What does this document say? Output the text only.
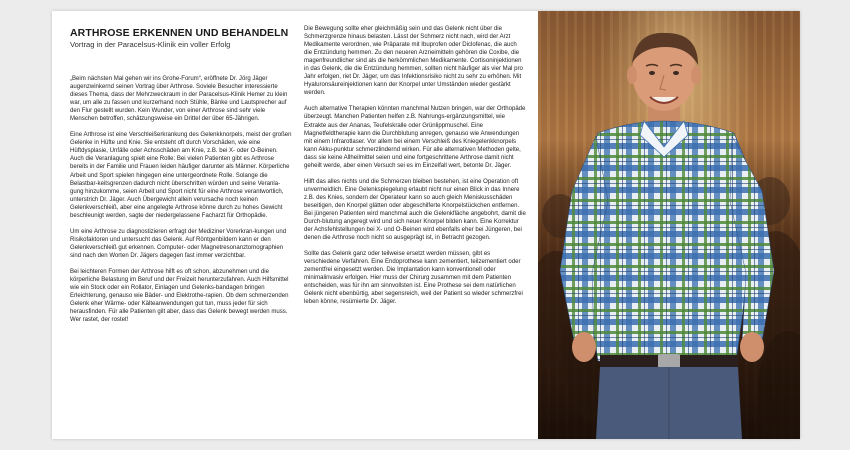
ARTHROSE ERKENNEN UND BEHANDELN
Vortrag in der Paracelsus-Klinik ein voller Erfolg

„Beim nächsten Mal gehen wir ins Grohe-Forum“, eröffnete Dr. Jörg Jäger augenzwinkernd seinen Vortrag über Arthrose. Soviele Besucher interessierte dieses Thema, dass der Mehrzweckraum in der Paracelsus-Klinik Hemer zu klein war, um alle zu fassen und kurzerhand noch Stühle, Bänke und Lautsprecher auf den Flur gestellt wurden. Kein Wunder, von einer Arthrose sind sehr viele Menschen betroffen, schätzungsweise ein Drittel der über 65-Jährigen.

Eine Arthrose ist eine Verschleißerkrankung des Gelenkknorpels, meist der großen Gelenke in Hüfte und Knie. Sie entsteht oft durch Vorschäden, wie eine Hüftdysplasie, Unfälle oder Achsschäden am Knie, z.B. bei X- oder O-Beinen. Auch die Veranlagung spielt eine Rolle: Bei vielen Patienten gibt es Arthrose bereits in der Familie und Frauen leiden häufiger darunter als Männer. Körperliche Arbeit und Sport spielen hingegen eine untergeordnete Rolle. Solange die Belastbar-keitsgrenzen dadurch nicht überschritten würden und seine Veranla-gung hinzukomme, seien Arbeit und Sport nicht für eine Arthrose verantwortlich, unterstrich Dr. Jäger. Auch Übergewicht allein verursache noch keinen Gelenkverschleiß, aber eine angelegte Arthrose könne durch zu hohes Gewicht beschleunigt werden, sagte der niedergelassene Facharzt für Orthopädie.

Um eine Arthrose zu diagnostizieren erfragt der Mediziner Vorerkran-kungen und Risikofaktoren und untersucht das Gelenk. Auf Röntgenbildern kann er den Gelenkverschleiß gut erkennen. Computer- oder Magnetresonanztomographien sind nach den Worten Dr. Jägers dagegen fast immer verzichtbar.

Bei leichteren Formen der Arthrose hilft es oft schon, abzunehmen und die körperliche Belastung im Beruf und der Freizeit herunterzufahren. Auch Hilfsmittel wie ein Stock oder ein Rollator, Einlagen und Gelenks-bandagen bringen Erleichterung, genauso wie Bäder- und Elektrothe-rapien. Ob dem schmerzenden Gelenk eher Wärme- oder Kälteanwendungen gut tun, muss jeder für sich herausfinden. Für alle Patienten gilt aber, dass das Gelenk bewegt werden muss. Wer rastet, der rostet!

Die Bewegung sollte eher gleichmäßig sein und das Gelenk nicht über die Schmerzgrenze hinaus belasten. Lässt der Schmerz nicht nach, wird der Arzt Medikamente verordnen, wie Präparate mit Ibuprofen oder Diclofenac, die auch die Entzündung hemmen. Zu den neueren Arzneimitteln gehören die Coxibe, die magenfreundlicher sind als die herkömmlichen Medikamente. Cortisoninjektionen in das Gelenk, die die Entzündung hemmen, sollten nicht häufiger als vier Mal pro Jahr erfolgen, riet Dr. Jäger, um das Infektionsrisiko nicht zu sehr zu erhöhen. Mit Hyaluronsäureinjektionen kann der Knorpel unter Umständen wieder gestärkt werden.

Auch alternative Therapien könnten manchmal Nutzen bringen, war der Orthopäde überzeugt. Manchen Patienten helfen z.B. Nahrungs-ergänzungsmittel, wie Extrakte aus der Ananas, Teufelskralle oder Grünlippmuschel. Eine Magnetfeldtherapie kann die Durchblutung anregen, genauso wie Anwendungen mit einem Infrarotlaser. Vor allem bei einem Verschleiß des Kniegelenkknorpels kann Akku-punktur schmerzlindernd wirken. Für alle alternativen Methoden gelte, dass sie keine Allheilmittel seien und eine fortgeschrittene Arthrose damit nicht geheilt werde, aber einen Versuch sei es im Einzelfall wert, betonte Dr. Jäger.

Hilft das alles nichts und die Schmerzen bleiben bestehen, ist eine Operation oft unvermeidlich. Eine Gelenkspiegelung erlaubt nicht nur einen Blick in das Innere z.B. des Knies, sondern der Operateur kann so auch gleich Meniskusschäden beseitigen, den Knorpel glätten oder abgeschilferte Knorpelstückchen entfernen. Bei jüngeren Patienten wird manchmal auch die Gelenkfläche angebohrt, damit die Durch-blutung angeregt wird und sich neuer Knorpel bilden kann. Eine Korrektur der Achsfehlstellungen bei X- und O-Beinen wird ebenfalls eher bei Jüngeren, bei denen die Arthrose noch nicht so ausgeprägt ist, in Betracht gezogen.

Sollte das Gelenk ganz oder teilweise ersetzt werden müssen, gibt es verschiedene Verfahren. Eine Endoprothese kann zementiert, teilzementiert oder zementfrei eingesetzt werden. Die Implantation kann konventionell oder minimalinvasiv erfolgen. Hier muss der Chirurg zusammen mit dem Patienten entscheiden, was für ihn am sinnvollsten ist. Eine Prothese sei dem natürlichen Gelenk nicht ebenbürtig, aber segensreich, weil der Patient so wieder schmerzfrei leben könne, resümierte Dr. Jäger.
